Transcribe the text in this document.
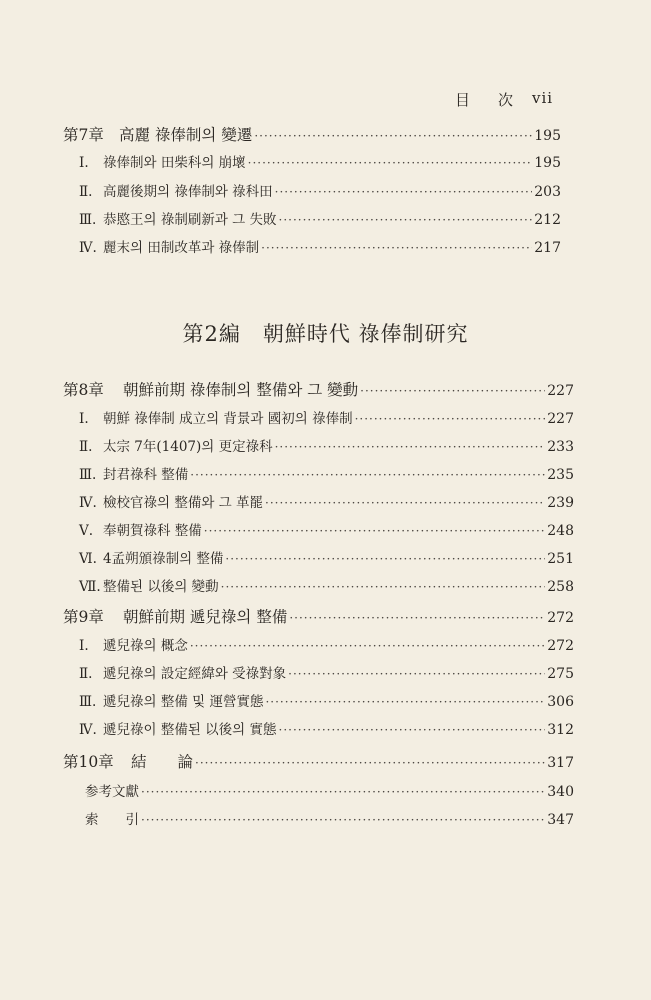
目 次 vii
第7章 高麗 祿俸制의 變遷 ·····	195
Ⅰ.	祿俸制와 田柴科의 崩壞 ·····	195
Ⅱ. 高麗後期의 祿俸制와 祿科田 ·····	203
Ⅲ. 恭愍王의 祿制刷新과 그 失敗 ·····	212
Ⅳ. 麗末의 田制改革과 祿俸制 ·····	217
第2編 朝鮮時代 祿俸制研究
第8章	朝鮮前期 祿俸制의 整備와 그 變動 ·····	227
Ⅰ.	朝鮮 祿俸制 成立의 背景과 國初의 祿俸制 ·····	227
Ⅱ. 太宗 7年(1407)의 更定祿科 ·····	233
Ⅲ. 封君祿科 整備 ·····	235
Ⅳ. 檢校官祿의 整備와 그 革罷 ·····	239
Ⅴ. 奉朝賀祿科 整備 ·····	248
Ⅵ. 4孟朔頒祿制의 整備 ·····	251
Ⅶ. 整備된 以後의 變動 ·····	258
第9章	朝鮮前期 遞兒祿의 整備 ·····	272
Ⅰ.	遞兒祿의 概念 ·····	272
Ⅱ. 遞兒祿의 設定經緯와 受祿對象 ·····	275
Ⅲ. 遞兒祿의 整備 및 運營實態 ·····	306
Ⅳ. 遞兒祿이 整備된 以後의 實態 ·····	312
第10章	結　　論 ·····	317
参考文獻 ·····	340
索　　引 ·····	347
